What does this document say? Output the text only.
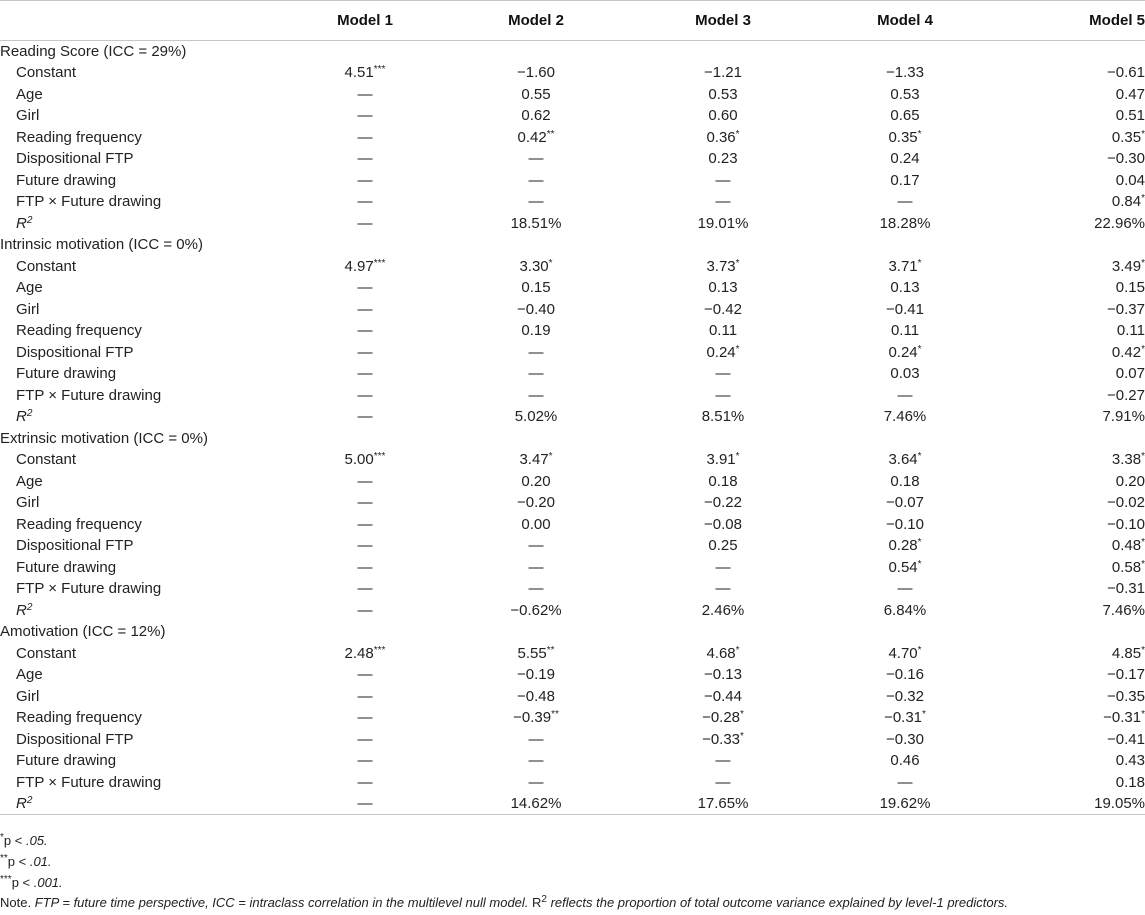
	Model 1	Model 2	Model 3	Model 4	Model 5
Reading Score (ICC = 29%)					
Constant	4.51***	−1.60	−1.21	−1.33	−0.61
Age	—	0.55	0.53	0.53	0.47
Girl	—	0.62	0.60	0.65	0.51
Reading frequency	—	0.42**	0.36*	0.35*	0.35*
Dispositional FTP	—	—	0.23	0.24	−0.30
Future drawing	—	—	—	0.17	0.04
FTP × Future drawing	—	—	—	—	0.84*
$R^2$	—	18.51%	19.01%	18.28%	22.96%
Intrinsic motivation (ICC = 0%)					
Constant	4.97***	3.30*	3.73*	3.71*	3.49*
Age	—	0.15	0.13	0.13	0.15
Girl	—	−0.40	−0.42	−0.41	−0.37
Reading frequency	—	0.19	0.11	0.11	0.11
Dispositional FTP	—	—	0.24*	0.24*	0.42*
Future drawing	—	—	—	0.03	0.07
FTP × Future drawing	—	—	—	—	−0.27
$R^2$	—	5.02%	8.51%	7.46%	7.91%
Extrinsic motivation (ICC = 0%)					
Constant	5.00***	3.47*	3.91*	3.64*	3.38*
Age	—	0.20	0.18	0.18	0.20
Girl	—	−0.20	−0.22	−0.07	−0.02
Reading frequency	—	0.00	−0.08	−0.10	−0.10
Dispositional FTP	—	—	0.25	0.28*	0.48*
Future drawing	—	—	—	0.54*	0.58*
FTP × Future drawing	—	—	—	—	−0.31
$R^2$	—	−0.62%	2.46%	6.84%	7.46%
Amotivation (ICC = 12%)					
Constant	2.48***	5.55**	4.68*	4.70*	4.85*
Age	—	−0.19	−0.13	−0.16	−0.17
Girl	—	−0.48	−0.44	−0.32	−0.35
Reading frequency	—	−0.39**	−0.28*	−0.31*	−0.31*
Dispositional FTP	—	—	−0.33*	−0.30	−0.41
Future drawing	—	—	—	0.46	0.43
FTP × Future drawing	—	—	—	—	0.18
$R^2$	—	14.62%	17.65%	19.62%	19.05%
*p < .05.
**p < .01.
***p < .001.
Note. FTP = future time perspective, ICC = intraclass correlation in the multilevel null model. $R^2$ reflects the proportion of total outcome variance explained by level-1 predictors.
